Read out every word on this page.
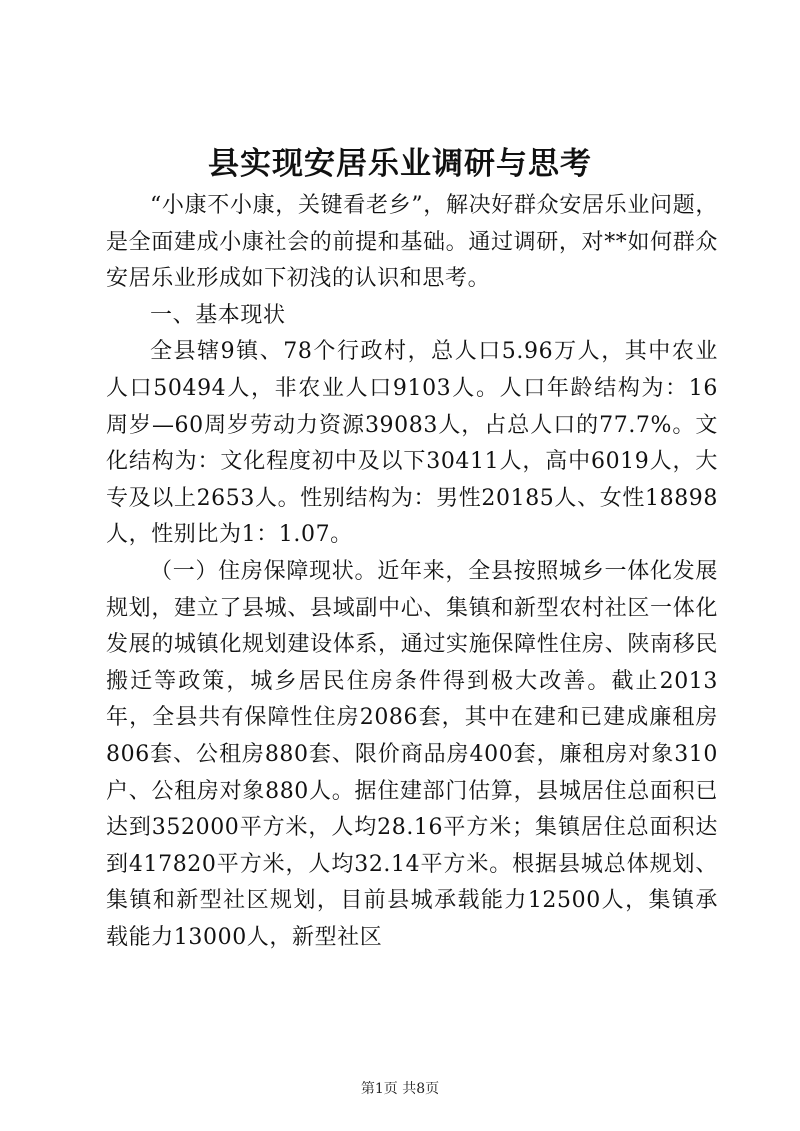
县实现安居乐业调研与思考

“小康不小康，关键看老乡”，解决好群众安居乐业问题，是全面建成小康社会的前提和基础。通过调研，对**如何群众安居乐业形成如下初浅的认识和思考。

一、基本现状

全县辖9镇、78个行政村，总人口5.96万人，其中农业人口50494人，非农业人口9103人。人口年龄结构为：16周岁—60周岁劳动力资源39083人，占总人口的77.7%。文化结构为：文化程度初中及以下30411人，高中6019人，大专及以上2653人。性别结构为：男性20185人、女性18898人，性别比为1：1.07。

（一）住房保障现状。近年来，全县按照城乡一体化发展规划，建立了县城、县域副中心、集镇和新型农村社区一体化发展的城镇化规划建设体系，通过实施保障性住房、陕南移民搬迁等政策，城乡居民住房条件得到极大改善。截止2013年，全县共有保障性住房2086套，其中在建和已建成廉租房806套、公租房880套、限价商品房400套，廉租房对象310户、公租房对象880人。据住建部门估算，县城居住总面积已达到352000平方米，人均28.16平方米；集镇居住总面积达到417820平方米，人均32.14平方米。根据县城总体规划、集镇和新型社区规划，目前县城承载能力12500人，集镇承载能力13000人，新型社区

第1页 共8页
